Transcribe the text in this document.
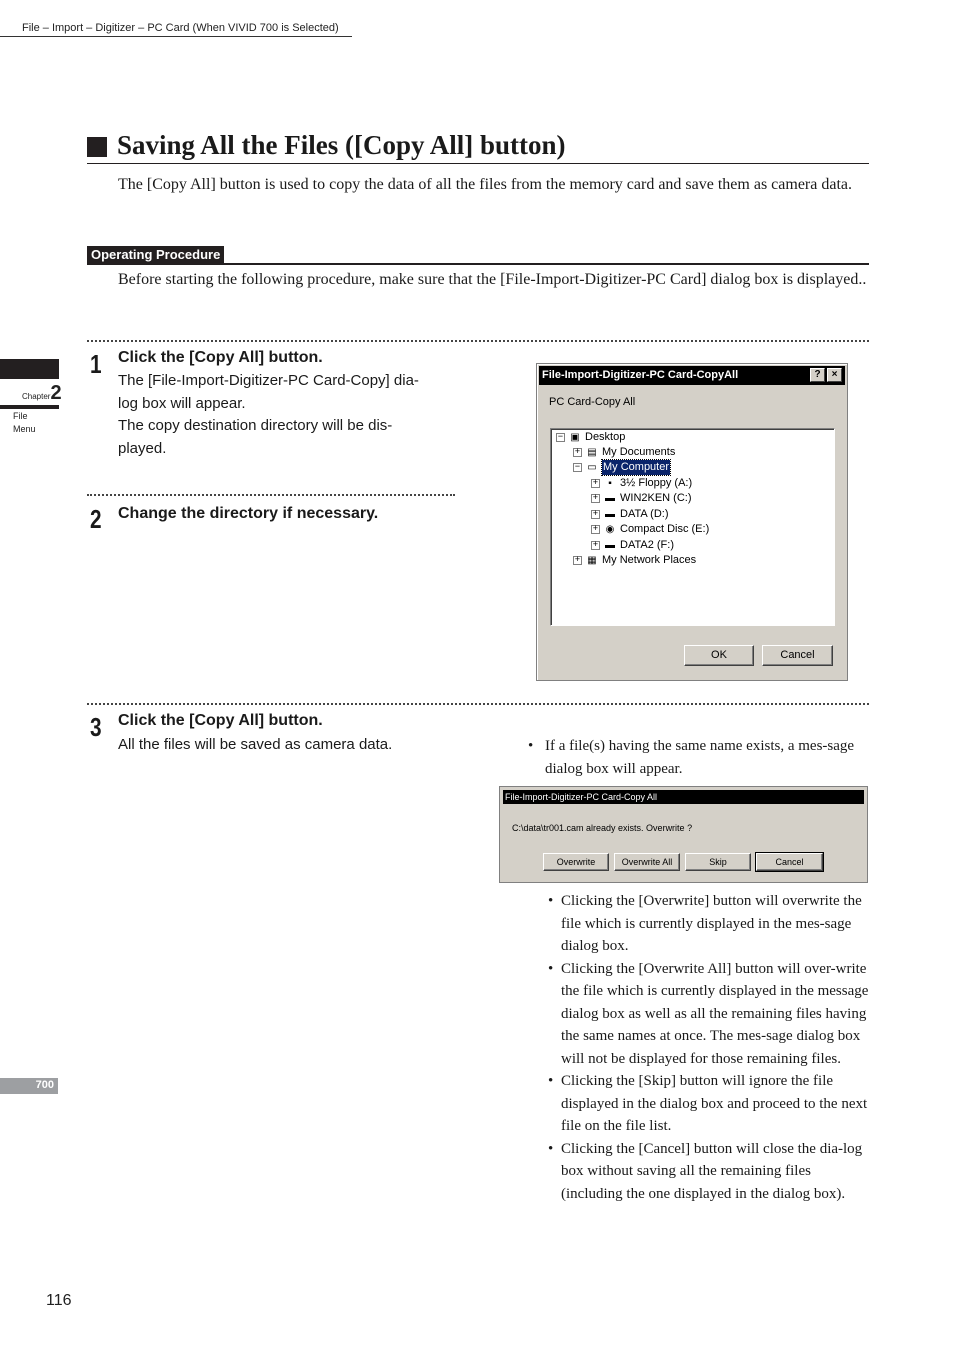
File – Import – Digitizer – PC Card (When VIVID 700 is Selected)
Chapter2
File
Menu
700
116
Saving All the Files ([Copy All] button)
The [Copy All] button is used to copy the data of all the files from the memory card and save them as camera data.
Operating Procedure
Before starting the following procedure, make sure that the [File-Import-Digitizer-PC Card] dialog box is displayed..
1 Click the [Copy All] button.
The [File-Import-Digitizer-PC Card-Copy] dia-
log box will appear.
The copy destination directory will be dis-
played.
2 Change the directory if necessary.
File-Import-Digitizer-PC Card-CopyAll	?	×
PC Card-Copy All
− ▣ Desktop
+ ▤ My Documents
− ▭ My Computer
+	▪ 3½ Floppy (A:)
+ ▬ WIN2KEN (C:)
+ ▬ DATA (D:)
+ ◉ Compact Disc (E:)
+ ▬ DATA2 (F:)
+ ▦ My Network Places
OK	Cancel
3 Click the [Copy All] button.
All the files will be saved as camera data.	• If a file(s) having the same name exists, a mes-sage dialog box will appear.
File-Import-Digitizer-PC Card-Copy All
C:\data\tr001.cam already exists. Overwrite ?
Overwrite	Overwrite All	Skip	Cancel
• Clicking the [Overwrite] button will overwrite the file which is currently displayed in the mes-sage dialog box.
• Clicking the [Overwrite All] button will over-write the file which is currently displayed in the message dialog box as well as all the remaining files having the same names at once. The mes-sage dialog box will not be displayed for those remaining files.
• Clicking the [Skip] button will ignore the file displayed in the dialog box and proceed to the next file on the file list.
• Clicking the [Cancel] button will close the dia-log box without saving all the remaining files (including the one displayed in the dialog box).
